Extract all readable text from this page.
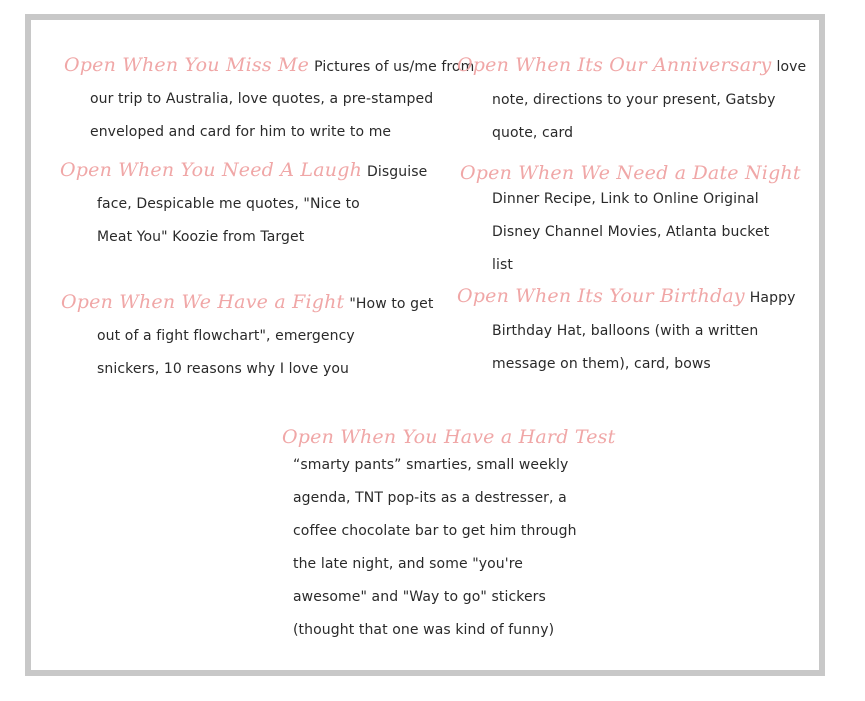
Open When You Miss Me Pictures of us/me from
our trip to Australia, love quotes, a pre-stamped
enveloped and card for him to write to me
Open When You Need A Laugh Disguise
face, Despicable me quotes, "Nice to
Meat You" Koozie from Target
Open When We Have a Fight "How to get
out of a fight flowchart", emergency
snickers, 10 reasons why I love you
Open When Its Our Anniversary love
note, directions to your present, Gatsby
quote, card
Open When We Need a Date Night
Dinner Recipe, Link to Online Original
Disney Channel Movies, Atlanta bucket
list
Open When Its Your Birthday Happy
Birthday Hat, balloons (with a written
message on them), card, bows
Open When You Have a Hard Test
“smarty pants” smarties, small weekly
agenda, TNT pop-its as a destresser, a
coffee chocolate bar to get him through
the late night, and some "you're
awesome" and "Way to go" stickers
(thought that one was kind of funny)
